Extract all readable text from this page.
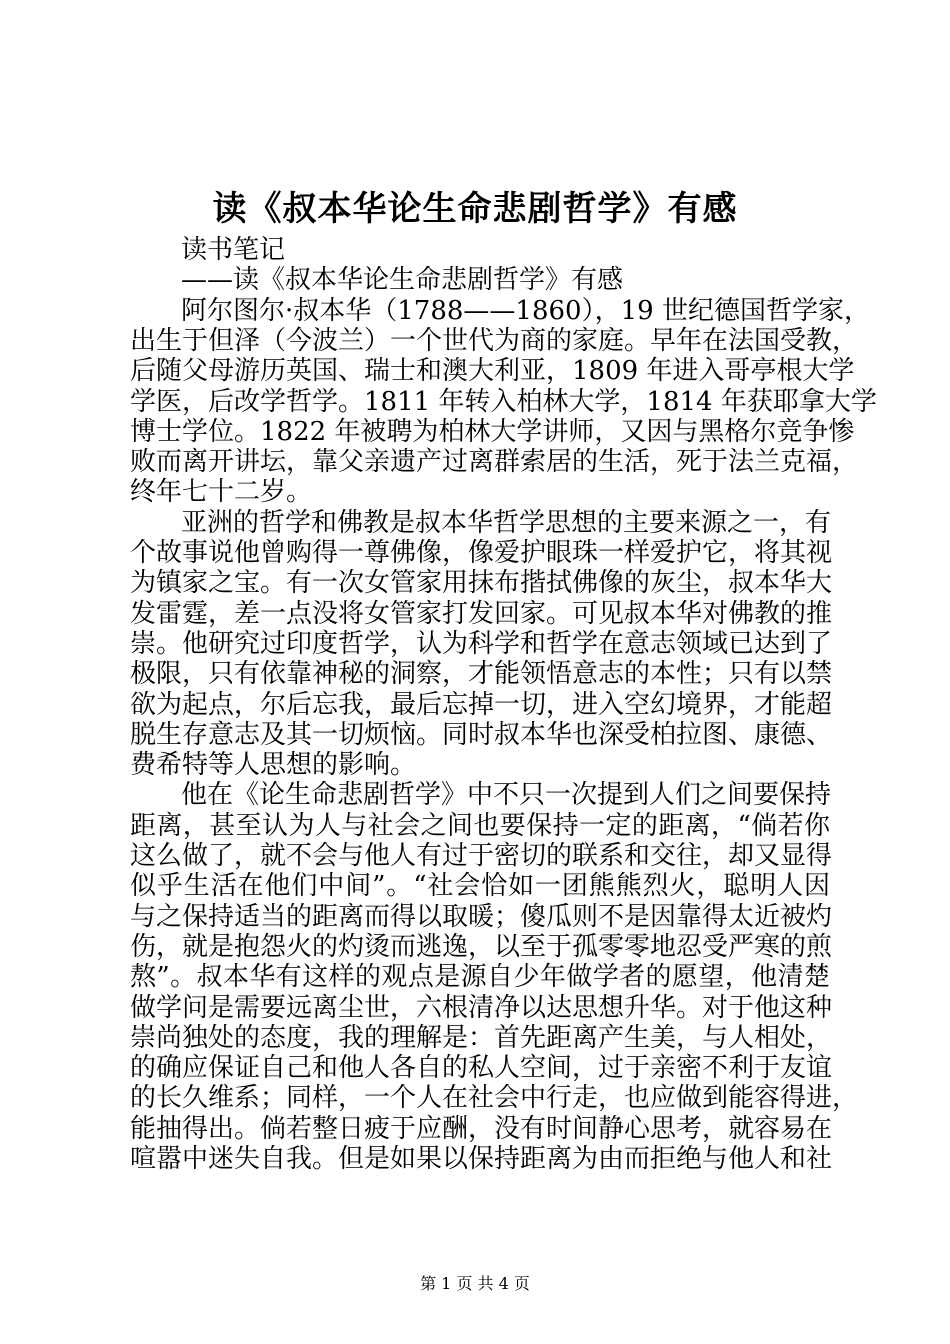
读《叔本华论生命悲剧哲学》有感
读书笔记
——读《叔本华论生命悲剧哲学》有感
阿尔图尔·叔本华（1788——1860），19 世纪德国哲学家，
出生于但泽（今波兰）一个世代为商的家庭。早年在法国受教，
后随父母游历英国、瑞士和澳大利亚，1809 年进入哥亭根大学
学医，后改学哲学。1811 年转入柏林大学，1814 年获耶拿大学
博士学位。1822 年被聘为柏林大学讲师，又因与黑格尔竞争惨
败而离开讲坛，靠父亲遗产过离群索居的生活，死于法兰克福，
终年七十二岁。
亚洲的哲学和佛教是叔本华哲学思想的主要来源之一，有
个故事说他曾购得一尊佛像，像爱护眼珠一样爱护它，将其视
为镇家之宝。有一次女管家用抹布揩拭佛像的灰尘，叔本华大
发雷霆，差一点没将女管家打发回家。可见叔本华对佛教的推
崇。他研究过印度哲学，认为科学和哲学在意志领域已达到了
极限，只有依靠神秘的洞察，才能领悟意志的本性；只有以禁
欲为起点，尔后忘我，最后忘掉一切，进入空幻境界，才能超
脱生存意志及其一切烦恼。同时叔本华也深受柏拉图、康德、
费希特等人思想的影响。
他在《论生命悲剧哲学》中不只一次提到人们之间要保持
距离，甚至认为人与社会之间也要保持一定的距离，“倘若你
这么做了，就不会与他人有过于密切的联系和交往，却又显得
似乎生活在他们中间”。“社会恰如一团熊熊烈火，聪明人因
与之保持适当的距离而得以取暖；傻瓜则不是因靠得太近被灼
伤，就是抱怨火的灼烫而逃逸，以至于孤零零地忍受严寒的煎
熬”。叔本华有这样的观点是源自少年做学者的愿望，他清楚
做学问是需要远离尘世，六根清净以达思想升华。对于他这种
崇尚独处的态度，我的理解是：首先距离产生美，与人相处，
的确应保证自己和他人各自的私人空间，过于亲密不利于友谊
的长久维系；同样，一个人在社会中行走，也应做到能容得进，
能抽得出。倘若整日疲于应酬，没有时间静心思考，就容易在
第 1 页 共 4 页
喧嚣中迷失自我。但是如果以保持距离为由而拒绝与他人和社
